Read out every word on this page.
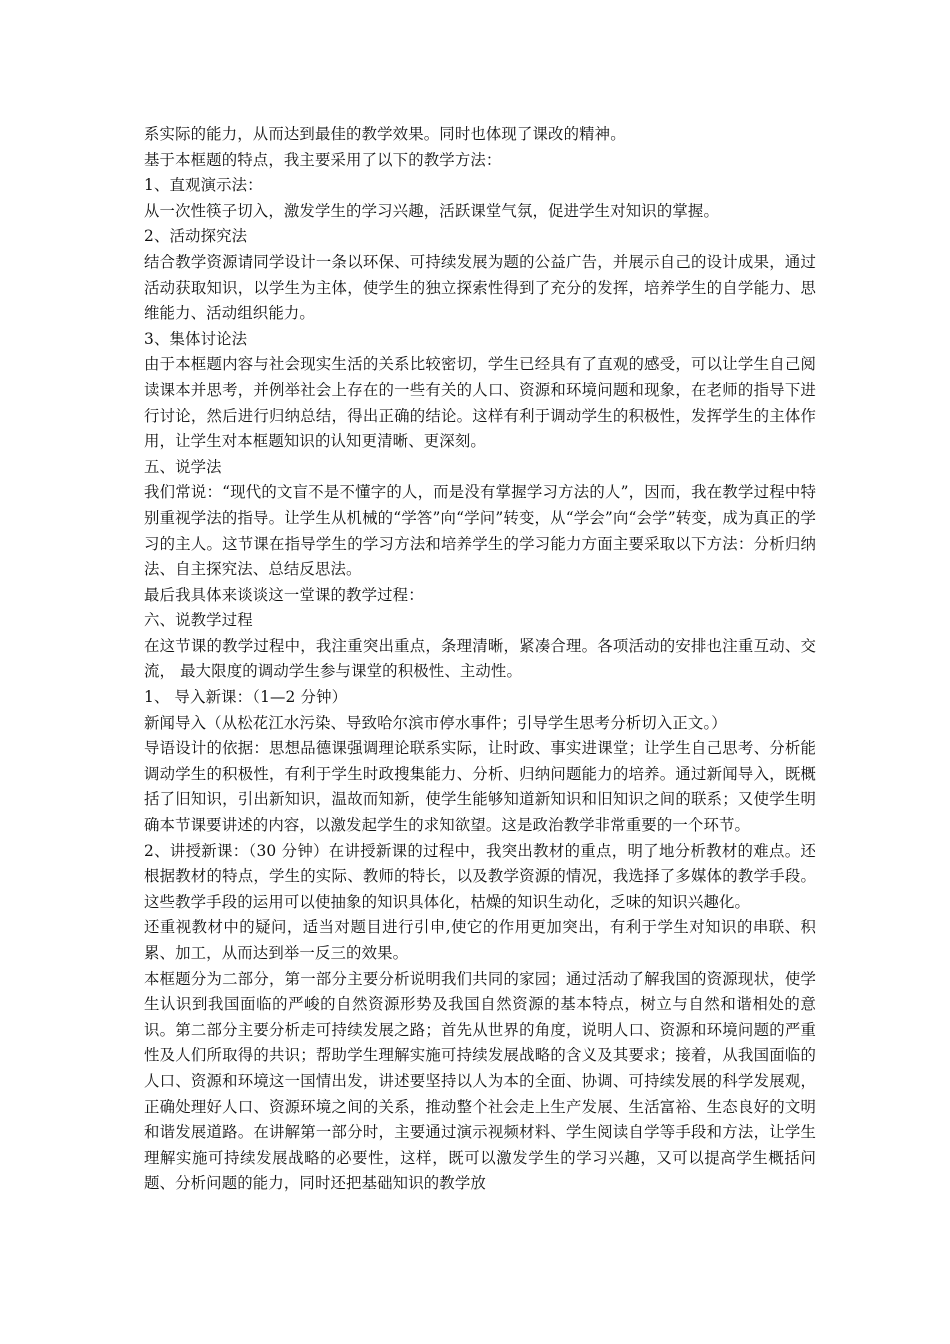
系实际的能力，从而达到最佳的教学效果。同时也体现了课改的精神。

基于本框题的特点，我主要采用了以下的教学方法：

1、直观演示法：

从一次性筷子切入，激发学生的学习兴趣，活跃课堂气氛，促进学生对知识的掌握。

2、活动探究法

结合教学资源请同学设计一条以环保、可持续发展为题的公益广告，并展示自己的设计成果，通过活动获取知识，以学生为主体，使学生的独立探索性得到了充分的发挥，培养学生的自学能力、思维能力、活动组织能力。

3、集体讨论法

由于本框题内容与社会现实生活的关系比较密切，学生已经具有了直观的感受，可以让学生自己阅读课本并思考，并例举社会上存在的一些有关的人口、资源和环境问题和现象，在老师的指导下进行讨论，然后进行归纳总结，得出正确的结论。这样有利于调动学生的积极性，发挥学生的主体作用，让学生对本框题知识的认知更清晰、更深刻。

五、说学法

我们常说：“现代的文盲不是不懂字的人，而是没有掌握学习方法的人”，因而，我在教学过程中特别重视学法的指导。让学生从机械的“学答”向“学问”转变，从“学会”向“会学”转变，成为真正的学习的主人。这节课在指导学生的学习方法和培养学生的学习能力方面主要采取以下方法：分析归纳法、自主探究法、总结反思法。

最后我具体来谈谈这一堂课的教学过程：

六、说教学过程

在这节课的教学过程中，我注重突出重点，条理清晰，紧凑合理。各项活动的安排也注重互动、交流， 最大限度的调动学生参与课堂的积极性、主动性。

1、 导入新课：（1—2 分钟）

新闻导入（从松花江水污染、导致哈尔滨市停水事件；引导学生思考分析切入正文。）

导语设计的依据：思想品德课强调理论联系实际，让时政、事实进课堂；让学生自己思考、分析能调动学生的积极性，有利于学生时政搜集能力、分析、归纳问题能力的培养。通过新闻导入，既概括了旧知识，引出新知识，温故而知新，使学生能够知道新知识和旧知识之间的联系；又使学生明确本节课要讲述的内容，以激发起学生的求知欲望。这是政治教学非常重要的一个环节。

2、讲授新课：（30 分钟）在讲授新课的过程中，我突出教材的重点，明了地分析教材的难点。还根据教材的特点，学生的实际、教师的特长，以及教学资源的情况，我选择了多媒体的教学手段。这些教学手段的运用可以使抽象的知识具体化，枯燥的知识生动化，乏味的知识兴趣化。

还重视教材中的疑问，适当对题目进行引申,使它的作用更加突出，有利于学生对知识的串联、积累、加工，从而达到举一反三的效果。

本框题分为二部分，第一部分主要分析说明我们共同的家园；通过活动了解我国的资源现状，使学生认识到我国面临的严峻的自然资源形势及我国自然资源的基本特点，树立与自然和谐相处的意识。第二部分主要分析走可持续发展之路；首先从世界的角度，说明人口、资源和环境问题的严重性及人们所取得的共识；帮助学生理解实施可持续发展战略的含义及其要求；接着，从我国面临的人口、资源和环境这一国情出发，讲述要坚持以人为本的全面、协调、可持续发展的科学发展观，正确处理好人口、资源环境之间的关系，推动整个社会走上生产发展、生活富裕、生态良好的文明和谐发展道路。在讲解第一部分时，主要通过演示视频材料、学生阅读自学等手段和方法，让学生理解实施可持续发展战略的必要性，这样，既可以激发学生的学习兴趣，又可以提高学生概括问题、分析问题的能力，同时还把基础知识的教学放
